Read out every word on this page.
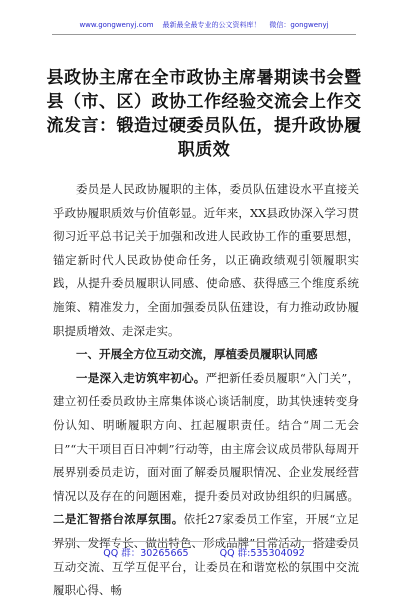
www.gongwenyj.com 最新最全最专业的公文资料库！ 微信：gongwenyj
县政协主席在全市政协主席暑期读书会暨县（市、区）政协工作经验交流会上作交流发言：锻造过硬委员队伍，提升政协履职质效

委员是人民政协履职的主体，委员队伍建设水平直接关乎政协履职质效与价值彰显。近年来，XX县政协深入学习贯彻习近平总书记关于加强和改进人民政协工作的重要思想，锚定新时代人民政协使命任务，以正确政绩观引领履职实践，从提升委员履职认同感、使命感、获得感三个维度系统施策、精准发力，全面加强委员队伍建设，有力推动政协履职提质增效、走深走实。

一、开展全方位互动交流，厚植委员履职认同感

一是深入走访筑牢初心。严把新任委员履职“入门关”，建立初任委员政协主席集体谈心谈话制度，助其快速转变身份认知、明晰履职方向、扛起履职责任。结合“周二无会日”“大干项目百日冲刺”行动等，由主席会议成员带队每周开展界别委员走访，面对面了解委员履职情况、企业发展经营情况以及存在的问题困难，提升委员对政协组织的归属感。二是汇智搭台浓厚氛围。依托27家委员工作室，开展“立足界别、发挥专长、做出特色、形成品牌”日常活动，搭建委员互动交流、互学互促平台，让委员在和谐宽松的氛围中交流履职心得、畅

QQ 群：30265665	QQ 群:535304092
